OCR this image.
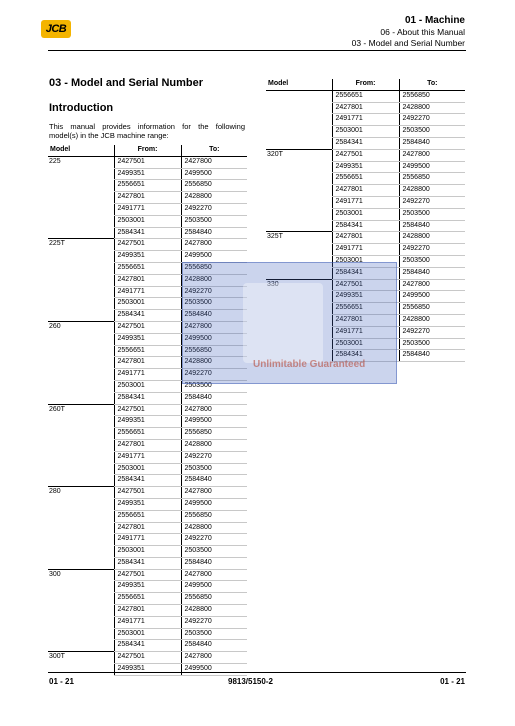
JCB
01 - Machine
06 - About this Manual
03 - Model and Serial Number
03 - Model and Serial Number
Introduction
This manual provides information for the following model(s) in the JCB machine range:
Model	From:	To:
225	2427501	2427800
	2499351	2499500
	2556651	2556850
	2427801	2428800
	2491771	2492270
	2503001	2503500
	2584341	2584840
225T	2427501	2427800
	2499351	2499500
	2556651	2556850
	2427801	2428800
	2491771	2492270
	2503001	2503500
	2584341	2584840
260	2427501	2427800
	2499351	2499500
	2556651	2556850
	2427801	2428800
	2491771	2492270
	2503001	2503500
	2584341	2584840
260T	2427501	2427800
	2499351	2499500
	2556651	2556850
	2427801	2428800
	2491771	2492270
	2503001	2503500
	2584341	2584840
280	2427501	2427800
	2499351	2499500
	2556651	2556850
	2427801	2428800
	2491771	2492270
	2503001	2503500
	2584341	2584840
300	2427501	2427800
	2499351	2499500
	2556651	2556850
	2427801	2428800
	2491771	2492270
	2503001	2503500
	2584341	2584840
300T	2427501	2427800
	2499351	2499500
Model	From:	To:
	2556651	2556850
	2427801	2428800
	2491771	2492270
	2503001	2503500
	2584341	2584840
320T	2427501	2427800
	2499351	2499500
	2556651	2556850
	2427801	2428800
	2491771	2492270
	2503001	2503500
	2584341	2584840
325T	2427801	2428800
	2491771	2492270
	2503001	2503500
	2584341	2584840
330	2427501	2427800
	2499351	2499500
	2556651	2556850
	2427801	2428800
	2491771	2492270
	2503001	2503500
	2584341	2584840
Unlimitable Guaranteed
01 - 21	9813/5150-2	01 - 21
